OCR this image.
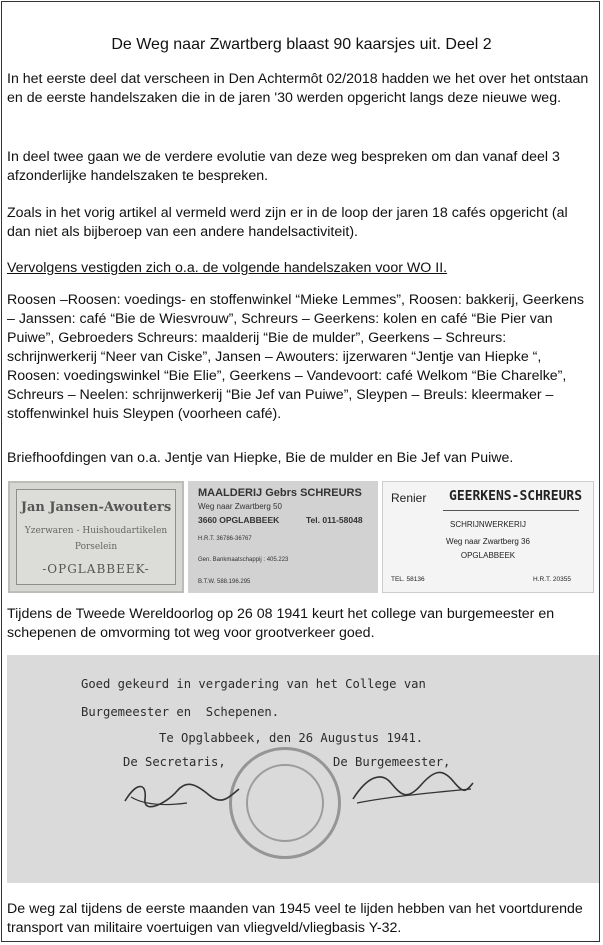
De Weg naar Zwartberg blaast 90 kaarsjes uit. Deel 2
In het eerste deel dat verscheen in Den Achtermôt 02/2018 hadden we het over het ontstaan en de eerste handelszaken die in de jaren '30 werden opgericht langs deze nieuwe weg.
In deel twee gaan we de verdere evolutie van deze weg bespreken om dan vanaf deel 3 afzonderlijke handelszaken te bespreken.
Zoals in het vorig artikel al vermeld werd zijn er in de loop der jaren 18 cafés opgericht (al dan niet als bijberoep van een andere handelsactiviteit).
Vervolgens vestigden zich o.a. de volgende handelszaken voor WO II.
Roosen –Roosen: voedings- en stoffenwinkel “Mieke Lemmes”, Roosen: bakkerij, Geerkens – Janssen: café “Bie de Wiesvrouw”, Schreurs – Geerkens: kolen en café “Bie Pier van Puiwe”, Gebroeders Schreurs: maalderij “Bie de mulder”, Geerkens – Schreurs: schrijnwerkerij “Neer van Ciske”, Jansen – Awouters: ijzerwaren “Jentje van Hiepke “, Roosen: voedingswinkel “Bie Elie”, Geerkens – Vandevoort: café Welkom “Bie Charelke”, Schreurs – Neelen: schrijnwerkerij “Bie Jef van Puiwe”, Sleypen – Breuls: kleermaker – stoffenwinkel huis Sleypen (voorheen café).
Briefhoofdingen van o.a. Jentje van Hiepke, Bie de mulder en Bie Jef van Puiwe.
Jan Jansen-Awouters
Yzerwaren - Huishoudartikelen
Porselein
-OPGLABBEEK-
MAALDERIJ Gebrs SCHREURS
Weg naar Zwartberg 50
3660 OPGLABBEEK	Tel. 011-58048
H.R.T. 36786-36767
Gen. Bankmaatschappij : 405.223
B.T.W. 588.196.295
Renier GEERKENS-SCHREURS
SCHRIJNWERKERIJ
Weg naar Zwartberg 36
OPGLABBEEK
TEL. 58136	H.R.T. 20355
Tijdens de Tweede Wereldoorlog op 26 08 1941 keurt het college van burgemeester en schepenen de omvorming tot weg voor grootverkeer goed.
Goed gekeurd in vergadering van het College van
Burgemeester en  Schepenen.
Te Opglabbeek, den 26 Augustus 1941.
De Secretaris,	De Burgemeester,
De weg zal tijdens de eerste maanden van 1945 veel te lijden hebben van het voortdurende transport van militaire voertuigen van vliegveld/vliegbasis Y-32.
